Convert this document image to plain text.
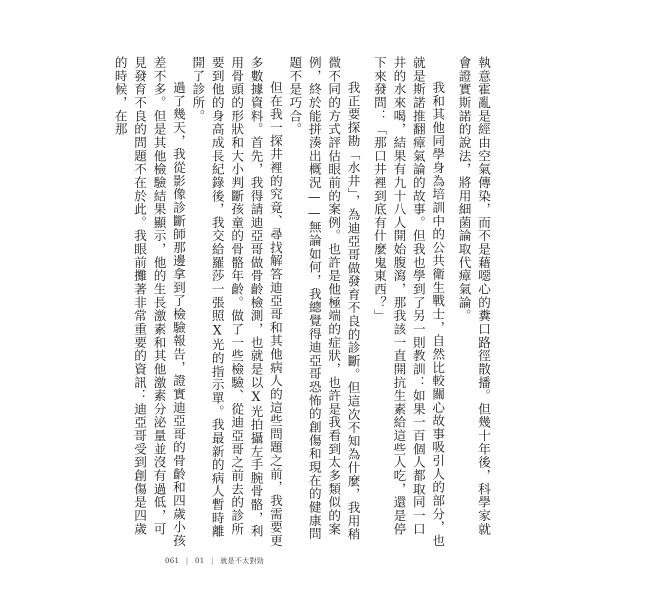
執意霍亂是經由空氣傳染，而不是藉噁心的糞口路徑散播。但幾十年後，科學家就會證實斯諾的說法，將用細菌論取代瘴氣論。

我和其他同學身為培訓中的公共衛生戰士，自然比較關心故事吸引人的部分，也就是斯諾推翻瘴氣論的故事。但我也學到了另一則教訓：如果一百個人都取同一口井的水來喝，結果有九十八人開始腹瀉，那我該一直開抗生素給這些人吃，還是停下來發問：「那口井裡到底有什麼鬼東西？」

我正要探勘「水井」，為迪亞哥做發育不良的診斷。但這次不知為什麼，我用稍微不同的方式評估眼前的案例。也許是他極端的症狀，也許是我看到太多類似的案例，終於能拼湊出概況——無論如何，我總覺得迪亞哥恐怖的創傷和現在的健康問題不是巧合。

但在我一探井裡的究竟、尋找解答迪亞哥和其他病人的這些問題之前，我需要更多數據資料。首先，我得請迪亞哥做骨齡檢測，也就是以X光拍攝左手腕骨骼，利用骨頭的形狀和大小判斷孩童的骨骼年齡。做了一些檢驗、從迪亞哥之前去的診所要到他的身高成長紀錄後，我交給羅莎一張照X光的指示單。我最新的病人暫時離開了診所。

過了幾天，我從影像診斷師那邊拿到了檢驗報告，證實迪亞哥的骨齡和四歲小孩差不多。但是其他檢驗結果顯示，他的生長激素和其他激素分泌量並沒有過低，可見發育不良的問題不在於此。我眼前攤著非常重要的資訊：迪亞哥受到創傷是四歲的時候，在那

061 | 01 | 就是不太對勁
